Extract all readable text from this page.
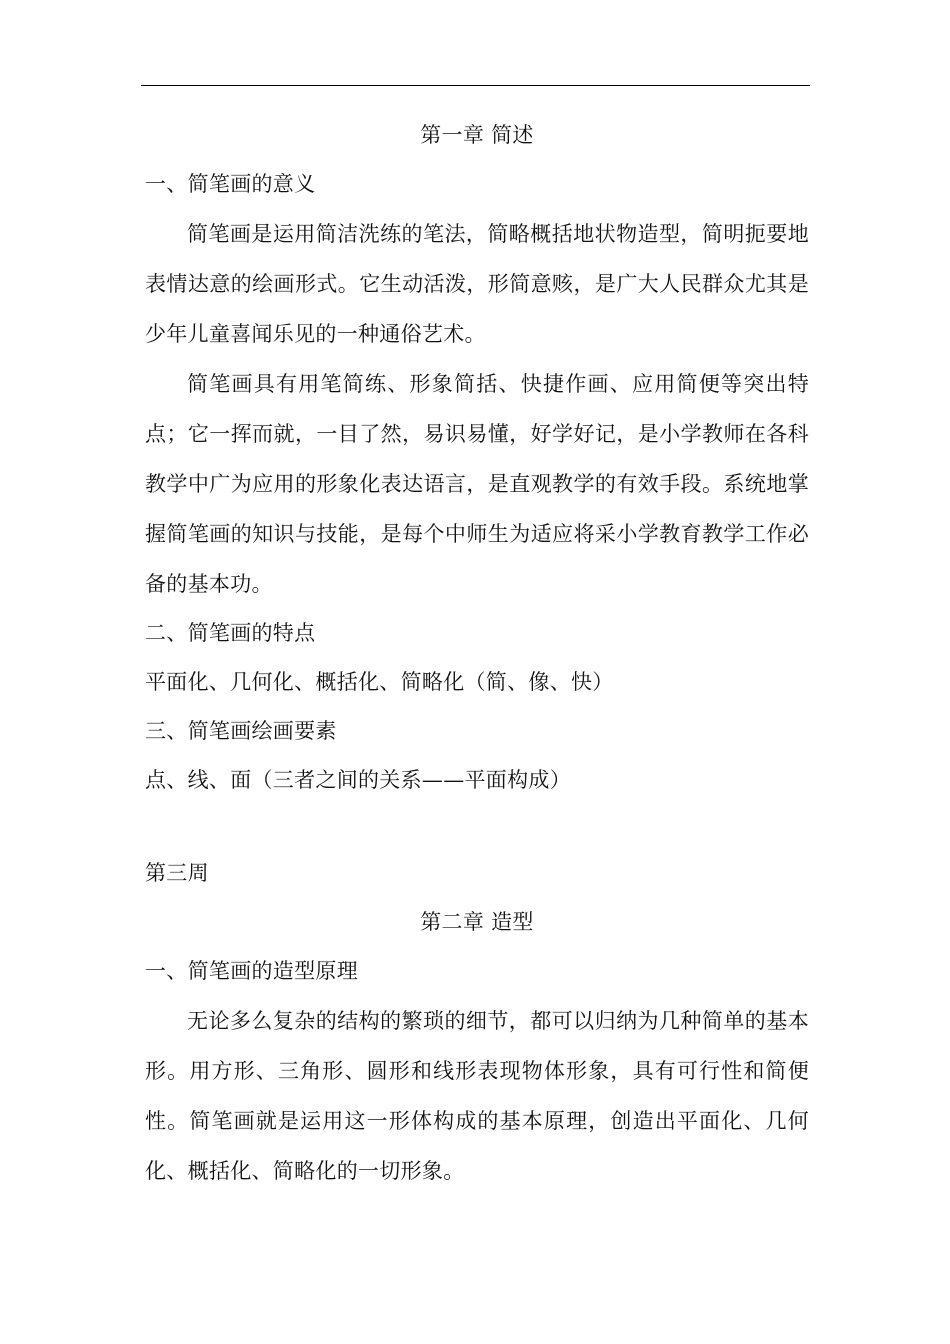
第一章 简述
一、简笔画的意义

简笔画是运用简洁洗练的笔法，简略概括地状物造型，简明扼要地表情达意的绘画形式。它生动活泼，形简意赅，是广大人民群众尤其是少年儿童喜闻乐见的一种通俗艺术。

简笔画具有用笔简练、形象简括、快捷作画、应用简便等突出特点；它一挥而就，一目了然，易识易懂，好学好记，是小学教师在各科教学中广为应用的形象化表达语言，是直观教学的有效手段。系统地掌握简笔画的知识与技能，是每个中师生为适应将采小学教育教学工作必备的基本功。

二、简笔画的特点

平面化、几何化、概括化、简略化（简、像、快）

三、简笔画绘画要素

点、线、面（三者之间的关系——平面构成）

第三周

第二章 造型
一、简笔画的造型原理

无论多么复杂的结构的繁琐的细节，都可以归纳为几种简单的基本形。用方形、三角形、圆形和线形表现物体形象，具有可行性和简便性。简笔画就是运用这一形体构成的基本原理，创造出平面化、几何化、概括化、简略化的一切形象。
